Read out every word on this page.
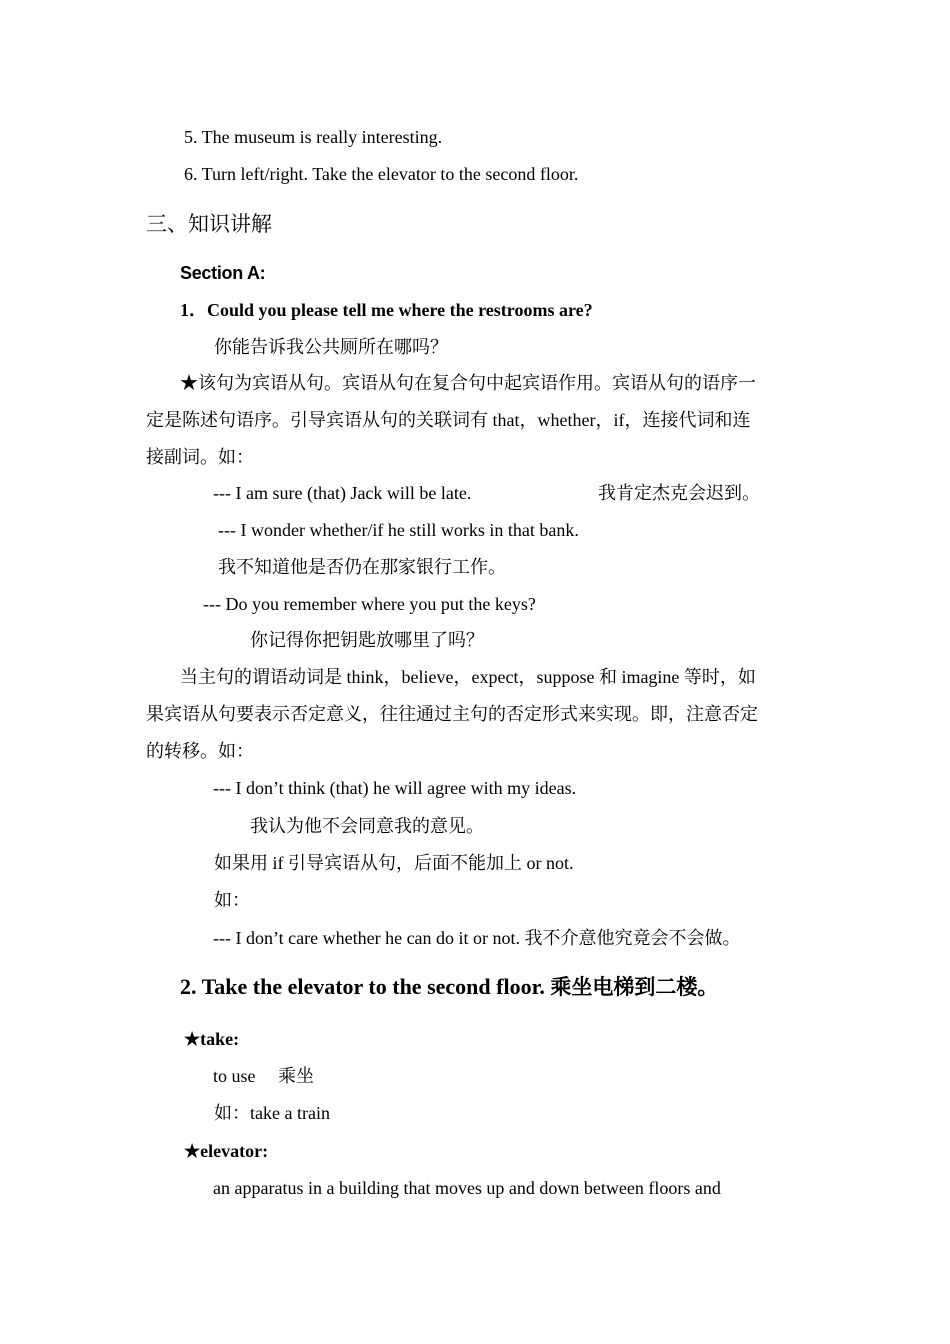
5. The museum is really interesting.
6. Turn left/right. Take the elevator to the second floor.
三、知识讲解
Section A:
1．Could you please tell me where the restrooms are?
你能告诉我公共厕所在哪吗？
★该句为宾语从句。宾语从句在复合句中起宾语作用。宾语从句的语序一
定是陈述句语序。引导宾语从句的关联词有 that，whether，if，连接代词和连
接副词。如：
--- I am sure (that) Jack will be late.	我肯定杰克会迟到。
--- I wonder whether/if he still works in that bank.
我不知道他是否仍在那家银行工作。
--- Do you remember where you put the keys?
你记得你把钥匙放哪里了吗？
当主句的谓语动词是 think，believe，expect，suppose 和 imagine 等时，如
果宾语从句要表示否定意义，往往通过主句的否定形式来实现。即，注意否定
的转移。如：
--- I don’t think (that) he will agree with my ideas.
我认为他不会同意我的意见。
如果用 if 引导宾语从句，后面不能加上 or not.
如：
--- I don’t care whether he can do it or not. 我不介意他究竟会不会做。
2. Take the elevator to the second floor. 乘坐电梯到二楼。
★take:
to use     乘坐
如：take a train
★elevator:
an apparatus in a building that moves up and down between floors and
